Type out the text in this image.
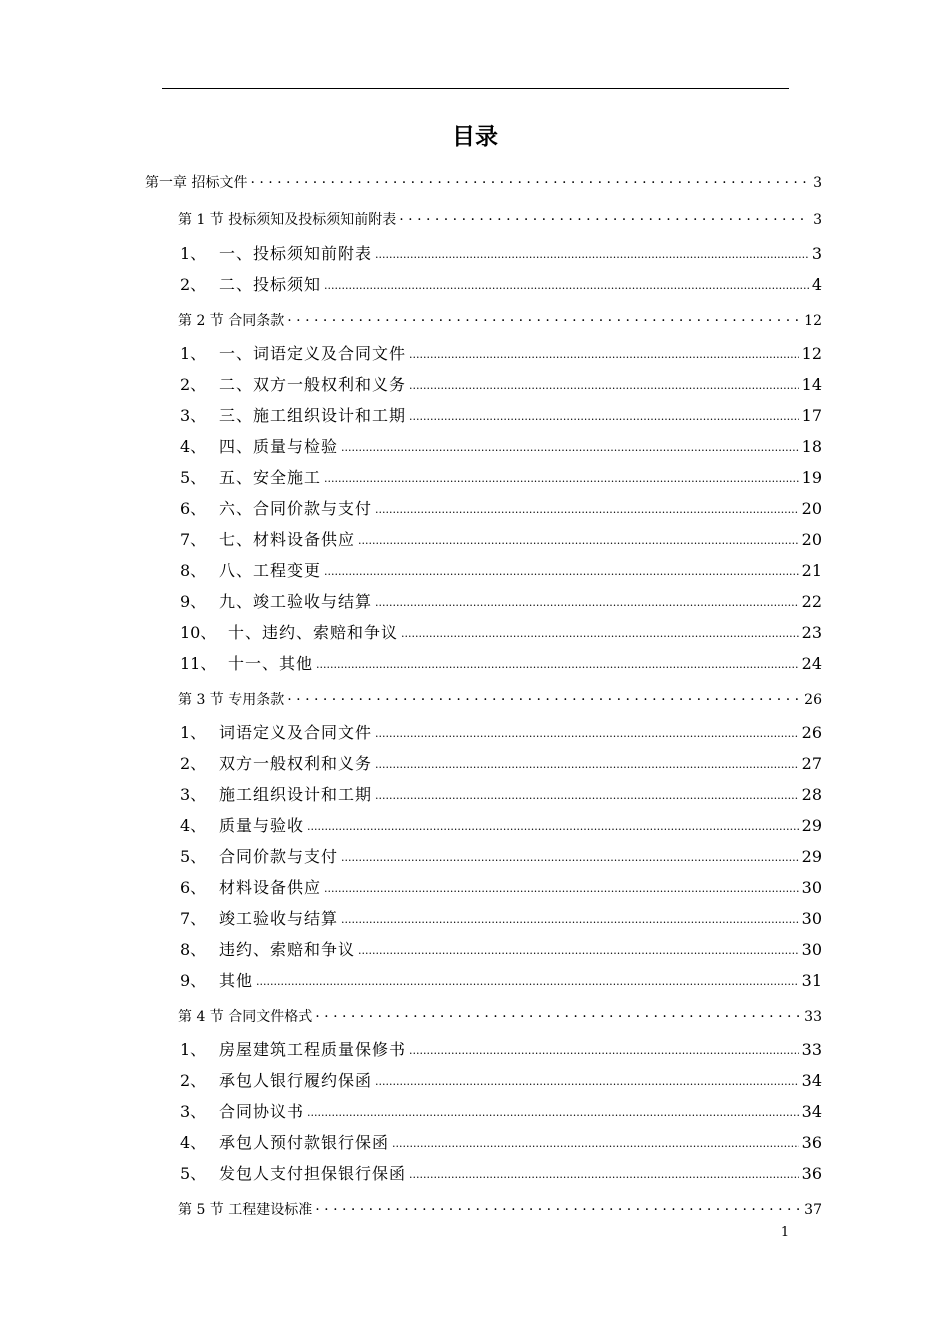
目录
第一章 招标文件 . . .	3
第 1 节 投标须知及投标须知前附表 . . .	3
1、 一、投标须知前附表 .....	3
2、 二、投标须知 .....	4
第 2 节 合同条款 . . .	12
1、 一、词语定义及合同文件 .....	12
2、 二、双方一般权利和义务 .....	14
3、 三、施工组织设计和工期 .....	17
4、 四、质量与检验 .....	18
5、 五、安全施工 .....	19
6、 六、合同价款与支付 .....	20
7、 七、材料设备供应 .....	20
8、 八、工程变更 .....	21
9、 九、竣工验收与结算 .....	22
10、 十、违约、索赔和争议 .....	23
11、 十一、其他 .....	24
第 3 节 专用条款 . . .	26
1、 词语定义及合同文件 .....	26
2、 双方一般权利和义务 .....	27
3、 施工组织设计和工期 .....	28
4、 质量与验收 .....	29
5、 合同价款与支付 .....	29
6、 材料设备供应 .....	30
7、 竣工验收与结算 .....	30
8、 违约、索赔和争议 .....	30
9、 其他 .....	31
第 4 节 合同文件格式 . . .	33
1、 房屋建筑工程质量保修书 .....	33
2、 承包人银行履约保函 .....	34
3、 合同协议书 .....	34
4、 承包人预付款银行保函 .....	36
5、 发包人支付担保银行保函 .....	36
第 5 节 工程建设标准 . . .	37
1
